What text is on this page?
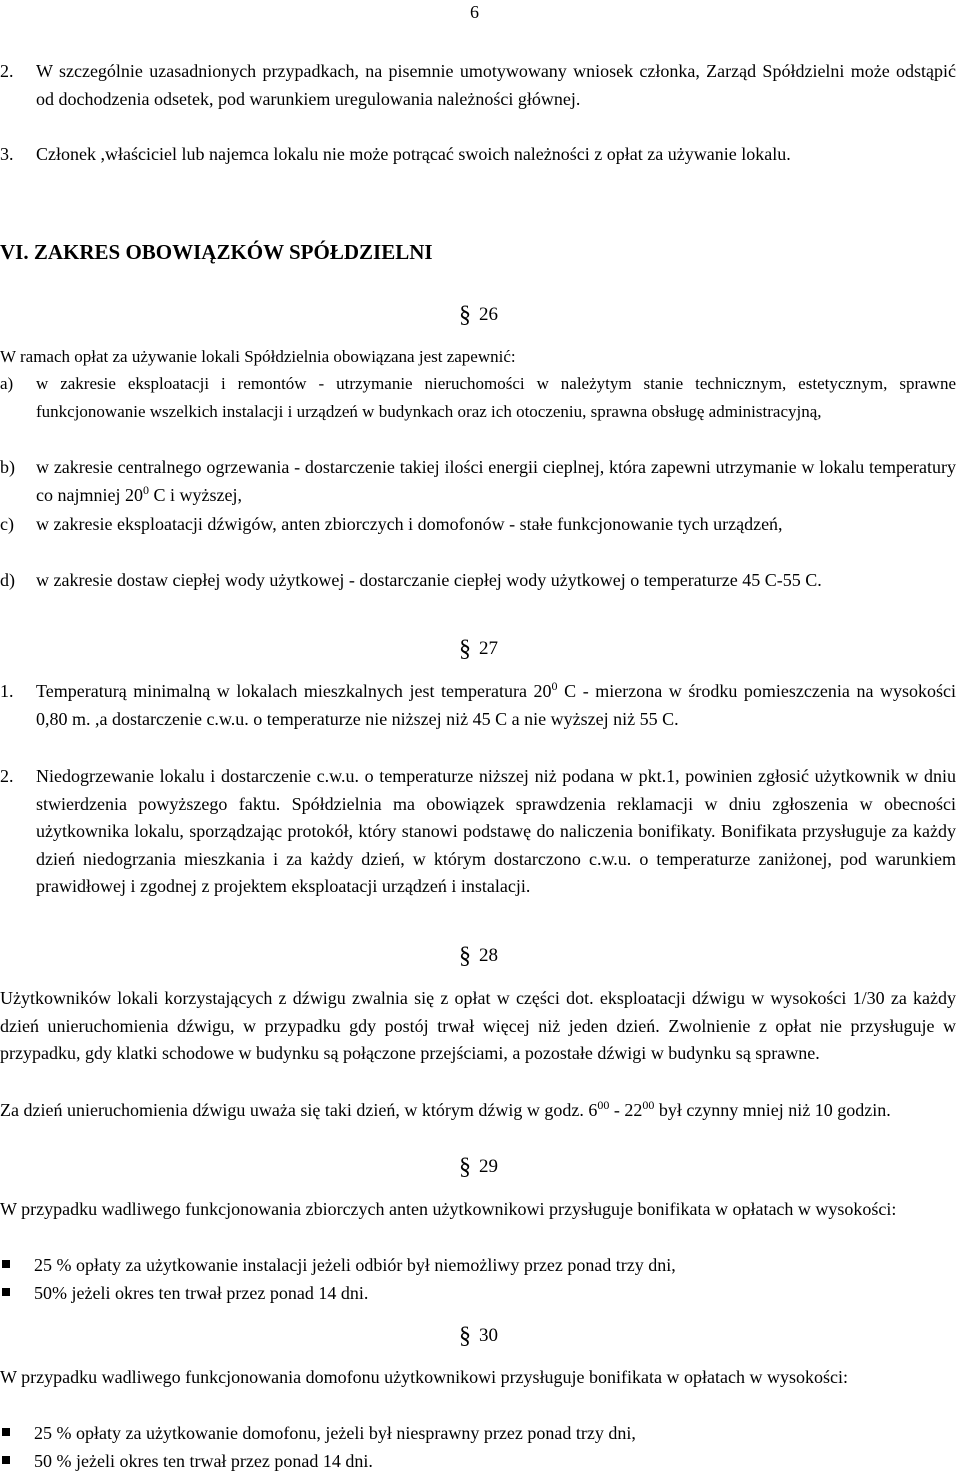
6
2.	W szczególnie uzasadnionych przypadkach, na pisemnie umotywowany wniosek członka, Zarząd Spółdzielni może odstąpić od dochodzenia odsetek, pod warunkiem uregulowania należności głównej.

3.	Członek ,właściciel lub najemca lokalu nie może potrącać swoich należności z opłat za używanie lokalu.

VI. ZAKRES OBOWIĄZKÓW SPÓŁDZIELNI
§ 26
W ramach opłat za używanie lokali Spółdzielnia obowiązana jest zapewnić:
a)	w zakresie eksploatacji i remontów - utrzymanie nieruchomości w należytym stanie technicznym, estetycznym, sprawne funkcjonowanie wszelkich instalacji i urządzeń w budynkach oraz ich otoczeniu, sprawna obsługę administracyjną,

b)	w zakresie centralnego ogrzewania - dostarczenie takiej ilości energii cieplnej, która zapewni utrzymanie w lokalu temperatury co najmniej $20^0$ C i wyższej,

c)	w zakresie eksploatacji dźwigów, anten zbiorczych i domofonów - stałe funkcjonowanie tych urządzeń,

d)	w zakresie dostaw ciepłej wody użytkowej - dostarczanie ciepłej wody użytkowej o temperaturze 45 C-55 C.

§ 27
1.	Temperaturą minimalną w lokalach mieszkalnych jest temperatura $20^0$ C - mierzona w środku pomieszczenia na wysokości 0,80 m. ,a dostarczenie c.w.u. o temperaturze nie niższej niż 45 C a nie wyższej niż 55 C.

2.	Niedogrzewanie lokalu i dostarczenie c.w.u. o temperaturze niższej niż podana w pkt.1, powinien zgłosić użytkownik w dniu stwierdzenia powyższego faktu. Spółdzielnia ma obowiązek sprawdzenia reklamacji w dniu zgłoszenia w obecności użytkownika lokalu, sporządzając protokół, który stanowi podstawę do naliczenia bonifikaty. Bonifikata przysługuje za każdy dzień niedogrzania mieszkania i za każdy dzień, w którym dostarczono c.w.u. o temperaturze zaniżonej, pod warunkiem prawidłowej i zgodnej z projektem eksploatacji urządzeń i instalacji.

§ 28
Użytkowników lokali korzystających z dźwigu zwalnia się z opłat w części dot. eksploatacji dźwigu w wysokości 1/30 za każdy dzień unieruchomienia dźwigu, w przypadku gdy postój trwał więcej niż jeden dzień. Zwolnienie z opłat nie przysługuje w przypadku, gdy klatki schodowe w budynku są połączone przejściami, a pozostałe dźwigi w budynku są sprawne.
Za dzień unieruchomienia dźwigu uważa się taki dzień, w którym dźwig w godz. $6^{00} - 22^{00}$ był czynny mniej niż 10 godzin.
§ 29
W przypadku wadliwego funkcjonowania zbiorczych anten użytkownikowi przysługuje bonifikata w opłatach w wysokości:
25 % opłaty za użytkowanie instalacji jeżeli odbiór był niemożliwy przez ponad trzy dni,
50% jeżeli okres ten trwał przez ponad 14 dni.
§ 30
W przypadku wadliwego funkcjonowania domofonu użytkownikowi przysługuje bonifikata w opłatach w wysokości:
25 % opłaty za użytkowanie domofonu, jeżeli był niesprawny przez ponad trzy dni,
50 % jeżeli okres ten trwał przez ponad 14 dni.
